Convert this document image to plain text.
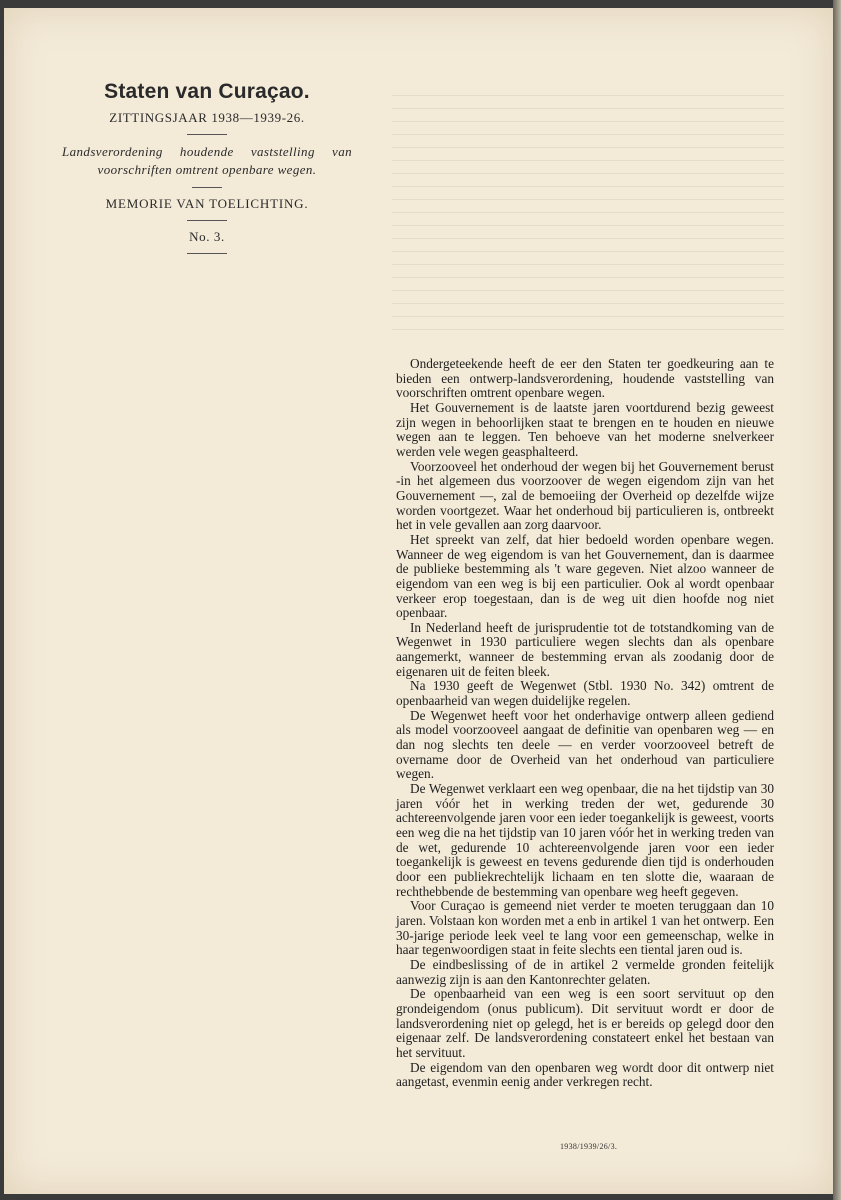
Staten van Curaçao.
ZITTINGSJAAR 1938—1939-26.
Landsverordening houdende vaststelling van voorschriften omtrent openbare wegen.
MEMORIE VAN TOELICHTING.
No. 3.

Ondergeteekende heeft de eer den Staten ter goedkeuring aan te bieden een ontwerp-landsverordening, houdende vaststelling van voorschriften omtrent openbare wegen.

Het Gouvernement is de laatste jaren voortdurend bezig geweest zijn wegen in behoorlijken staat te brengen en te houden en nieuwe wegen aan te leggen. Ten behoeve van het moderne snelverkeer werden vele wegen geasphalteerd.

Voorzooveel het onderhoud der wegen bij het Gouvernement berust -in het algemeen dus voorzoover de wegen eigendom zijn van het Gouvernement —, zal de bemoeiing der Overheid op dezelfde wijze worden voortgezet. Waar het onderhoud bij particulieren is, ontbreekt het in vele gevallen aan zorg daarvoor.

Het spreekt van zelf, dat hier bedoeld worden openbare wegen. Wanneer de weg eigendom is van het Gouvernement, dan is daarmee de publieke bestemming als 't ware gegeven. Niet alzoo wanneer de eigendom van een weg is bij een particulier. Ook al wordt openbaar verkeer erop toegestaan, dan is de weg uit dien hoofde nog niet openbaar.

In Nederland heeft de jurisprudentie tot de totstandkoming van de Wegenwet in 1930 particuliere wegen slechts dan als openbare aangemerkt, wanneer de bestemming ervan als zoodanig door de eigenaren uit de feiten bleek.

Na 1930 geeft de Wegenwet (Stbl. 1930 No. 342) omtrent de openbaarheid van wegen duidelijke regelen.

De Wegenwet heeft voor het onderhavige ontwerp alleen gediend als model voorzooveel aangaat de definitie van openbaren weg — en dan nog slechts ten deele — en verder voorzooveel betreft de overname door de Overheid van het onderhoud van particuliere wegen.

De Wegenwet verklaart een weg openbaar, die na het tijdstip van 30 jaren vóór het in werking treden der wet, gedurende 30 achtereenvolgende jaren voor een ieder toegankelijk is geweest, voorts een weg die na het tijdstip van 10 jaren vóór het in werking treden van de wet, gedurende 10 achtereenvolgende jaren voor een ieder toegankelijk is geweest en tevens gedurende dien tijd is onderhouden door een publiekrechtelijk lichaam en ten slotte die, waaraan de rechthebbende de bestemming van openbare weg heeft gegeven.

Voor Curaçao is gemeend niet verder te moeten teruggaan dan 10 jaren. Volstaan kon worden met a enb in artikel 1 van het ontwerp. Een 30-jarige periode leek veel te lang voor een gemeenschap, welke in haar tegenwoordigen staat in feite slechts een tiental jaren oud is.

De eindbeslissing of de in artikel 2 vermelde gronden feitelijk aanwezig zijn is aan den Kantonrechter gelaten.

De openbaarheid van een weg is een soort servituut op den grondeigendom (onus publicum). Dit servituut wordt er door de landsverordening niet op gelegd, het is er bereids op gelegd door den eigenaar zelf. De landsverordening constateert enkel het bestaan van het servituut.

De eigendom van den openbaren weg wordt door dit ontwerp niet aangetast, evenmin eenig ander verkregen recht.

1938/1939/26/3.
